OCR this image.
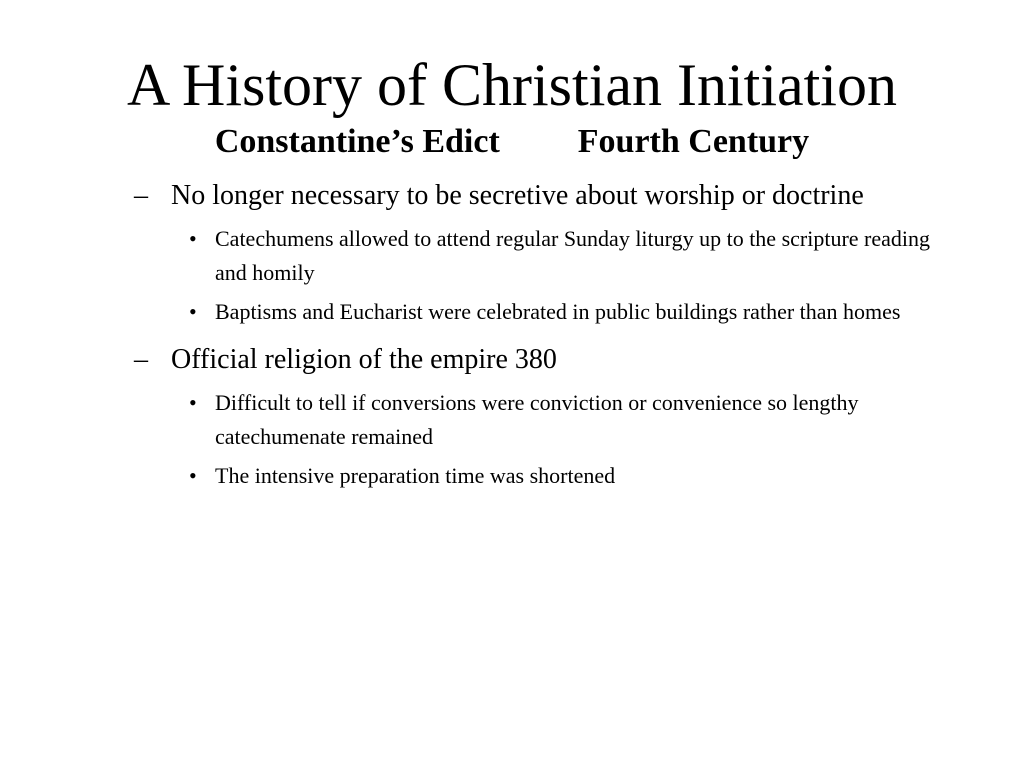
A History of Christian Initiation
Constantine’s Edict Fourth Century
– No longer necessary to be secretive about worship or doctrine
• Catechumens allowed to attend regular Sunday liturgy up to the scripture reading and homily
• Baptisms and Eucharist were celebrated in public buildings rather than homes
– Official religion of the empire 380
• Difficult to tell if conversions were conviction or convenience so lengthy catechumenate remained
• The intensive preparation time was shortened
